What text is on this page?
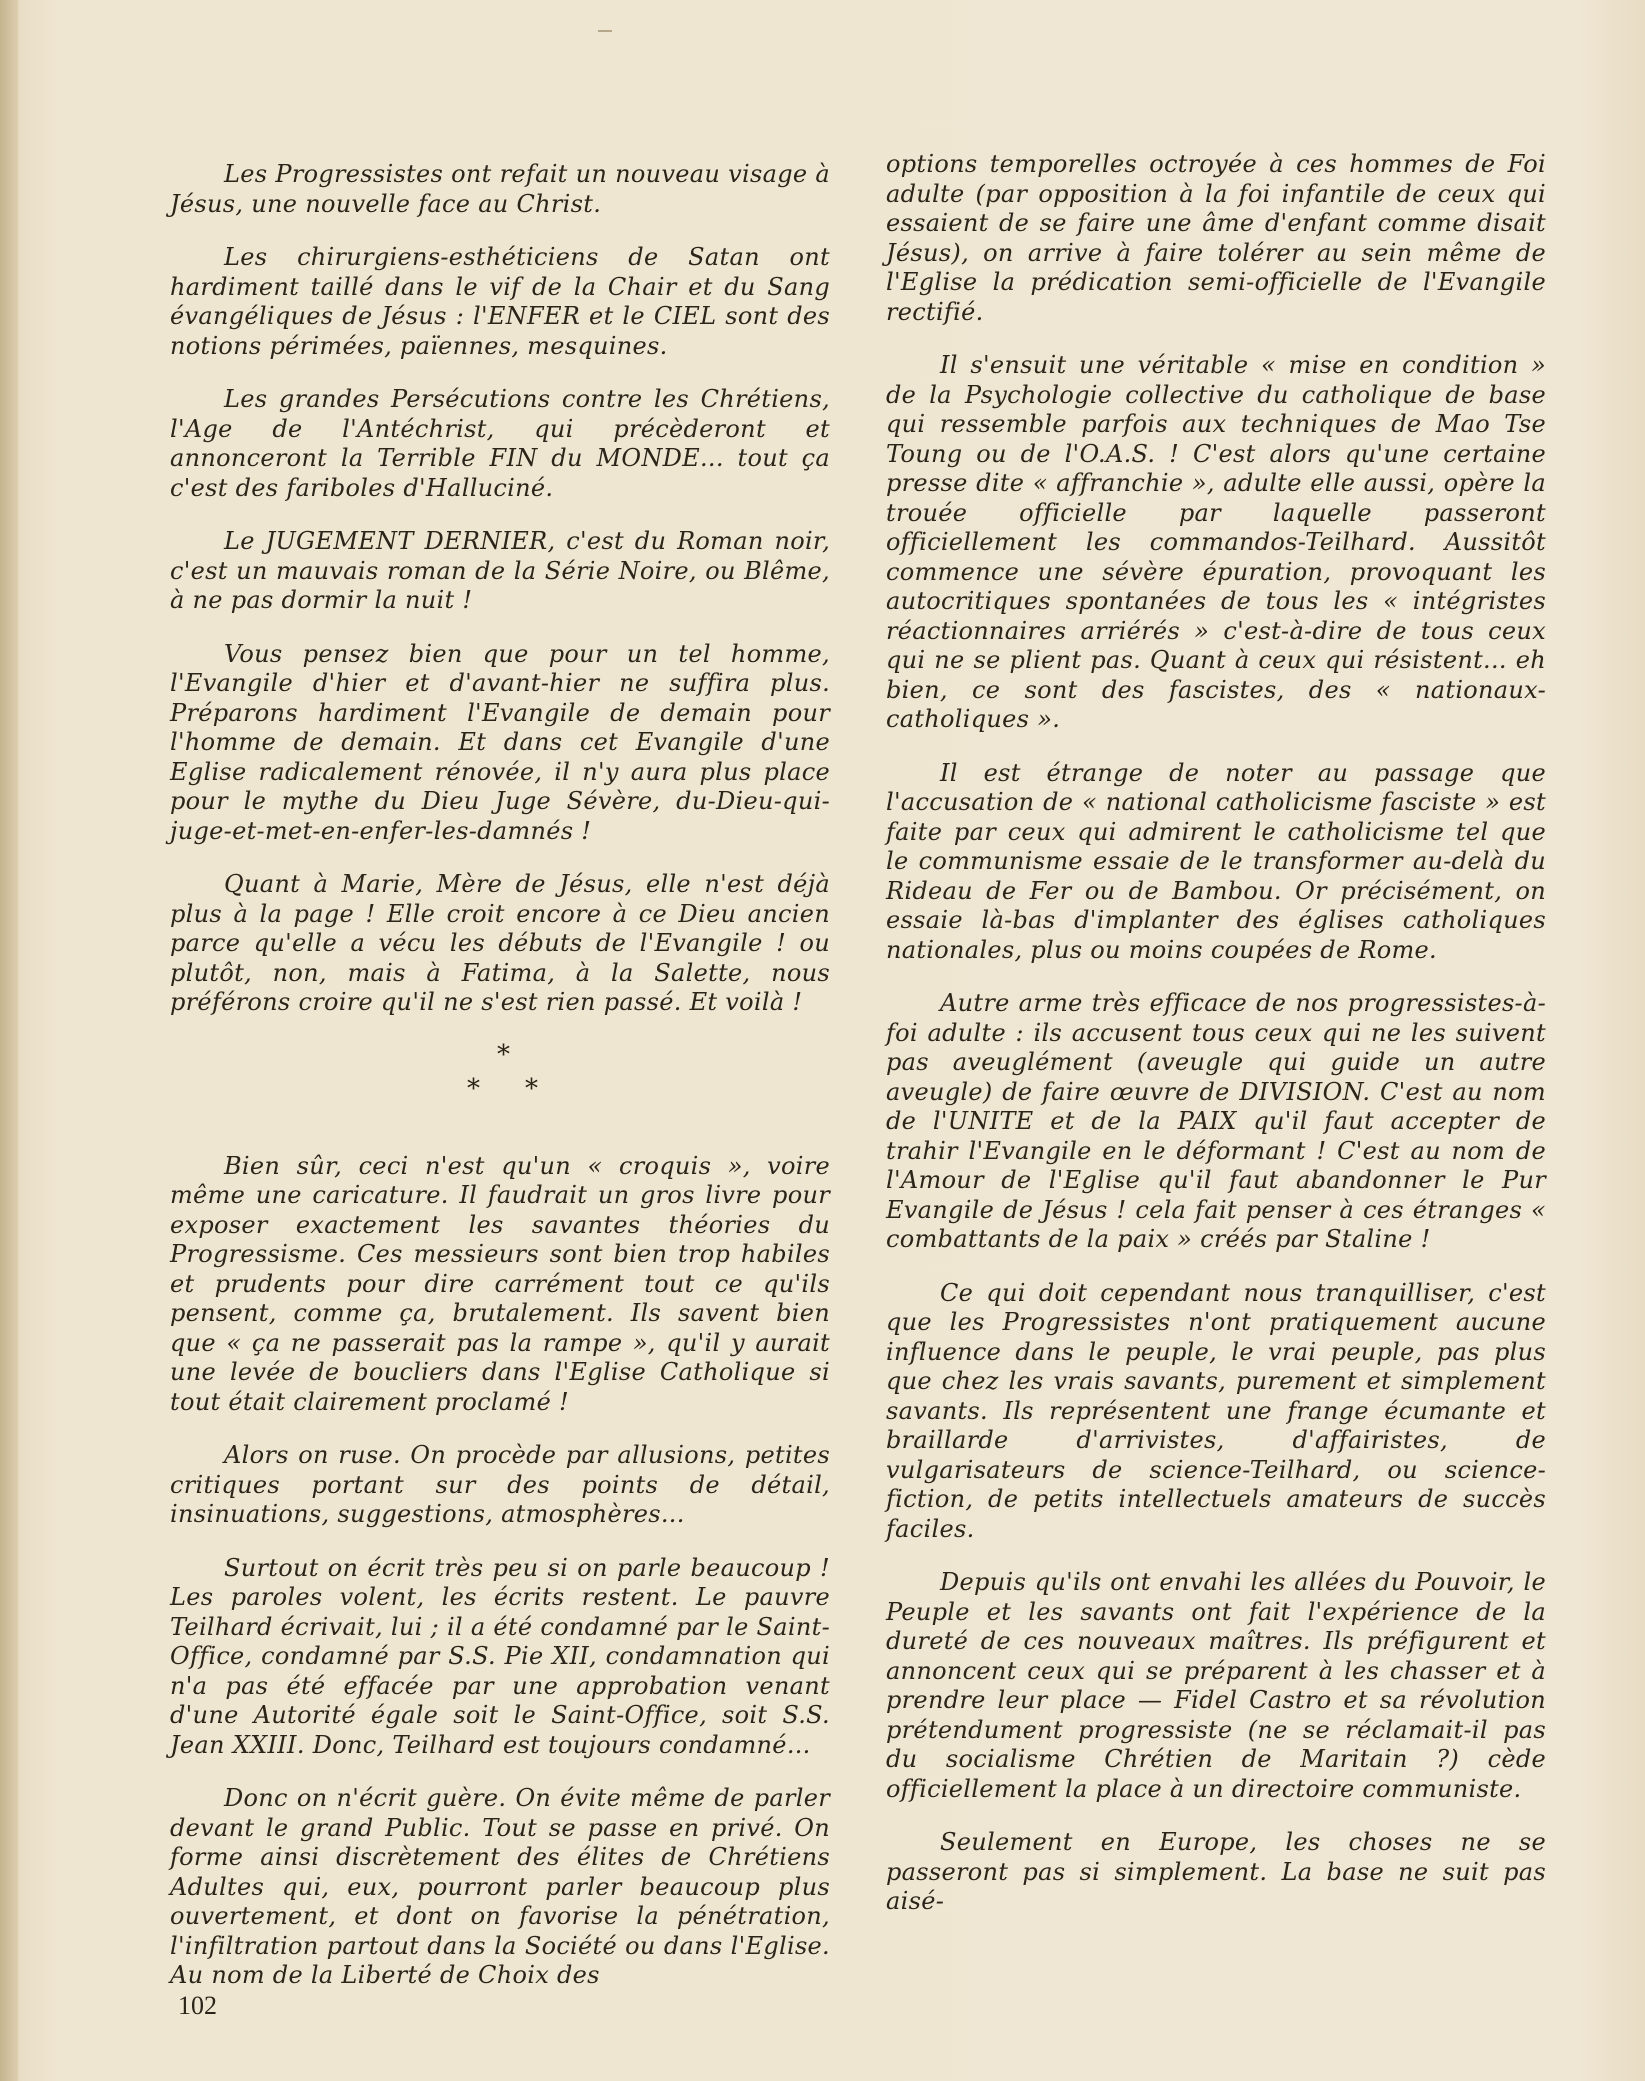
Les Progressistes ont refait un nouveau visage à Jésus, une nouvelle face au Christ.

Les chirurgiens-esthéticiens de Satan ont hardiment taillé dans le vif de la Chair et du Sang évangéliques de Jésus : l'ENFER et le CIEL sont des notions périmées, païennes, mesquines.

Les grandes Persécutions contre les Chrétiens, l'Age de l'Antéchrist, qui précèderont et annonceront la Terrible FIN du MONDE... tout ça c'est des fariboles d'Halluciné.

Le JUGEMENT DERNIER, c'est du Roman noir, c'est un mauvais roman de la Série Noire, ou Blême, à ne pas dormir la nuit !

Vous pensez bien que pour un tel homme, l'Evangile d'hier et d'avant-hier ne suffira plus. Préparons hardiment l'Evangile de demain pour l'homme de demain. Et dans cet Evangile d'une Eglise radicalement rénovée, il n'y aura plus place pour le mythe du Dieu Juge Sévère, du-Dieu-qui-juge-et-met-en-enfer-les-damnés !

Quant à Marie, Mère de Jésus, elle n'est déjà plus à la page ! Elle croit encore à ce Dieu ancien parce qu'elle a vécu les débuts de l'Evangile ! ou plutôt, non, mais à Fatima, à la Salette, nous préférons croire qu'il ne s'est rien passé. Et voilà !

*
* *

Bien sûr, ceci n'est qu'un « croquis », voire même une caricature. Il faudrait un gros livre pour exposer exactement les savantes théories du Progressisme. Ces messieurs sont bien trop habiles et prudents pour dire carrément tout ce qu'ils pensent, comme ça, brutalement. Ils savent bien que « ça ne passerait pas la rampe », qu'il y aurait une levée de boucliers dans l'Eglise Catholique si tout était clairement proclamé !

Alors on ruse. On procède par allusions, petites critiques portant sur des points de détail, insinuations, suggestions, atmosphères...

Surtout on écrit très peu si on parle beaucoup ! Les paroles volent, les écrits restent. Le pauvre Teilhard écrivait, lui ; il a été condamné par le Saint-Office, condamné par S.S. Pie XII, condamnation qui n'a pas été effacée par une approbation venant d'une Autorité égale soit le Saint-Office, soit S.S. Jean XXIII. Donc, Teilhard est toujours condamné...

Donc on n'écrit guère. On évite même de parler devant le grand Public. Tout se passe en privé. On forme ainsi discrètement des élites de Chrétiens Adultes qui, eux, pourront parler beaucoup plus ouvertement, et dont on favorise la pénétration, l'infiltration partout dans la Société ou dans l'Eglise. Au nom de la Liberté de Choix des

options temporelles octroyée à ces hommes de Foi adulte (par opposition à la foi infantile de ceux qui essaient de se faire une âme d'enfant comme disait Jésus), on arrive à faire tolérer au sein même de l'Eglise la prédication semi-officielle de l'Evangile rectifié.

Il s'ensuit une véritable « mise en condition » de la Psychologie collective du catholique de base qui ressemble parfois aux techniques de Mao Tse Toung ou de l'O.A.S. ! C'est alors qu'une certaine presse dite « affranchie », adulte elle aussi, opère la trouée officielle par laquelle passeront officiellement les commandos-Teilhard. Aussitôt commence une sévère épuration, provoquant les autocritiques spontanées de tous les « intégristes réactionnaires arriérés » c'est-à-dire de tous ceux qui ne se plient pas. Quant à ceux qui résistent... eh bien, ce sont des fascistes, des « nationaux-catholiques ».

Il est étrange de noter au passage que l'accusation de « national catholicisme fasciste » est faite par ceux qui admirent le catholicisme tel que le communisme essaie de le transformer au-delà du Rideau de Fer ou de Bambou. Or précisément, on essaie là-bas d'implanter des églises catholiques nationales, plus ou moins coupées de Rome.

Autre arme très efficace de nos progressistes-à-foi adulte : ils accusent tous ceux qui ne les suivent pas aveuglément (aveugle qui guide un autre aveugle) de faire œuvre de DIVISION. C'est au nom de l'UNITE et de la PAIX qu'il faut accepter de trahir l'Evangile en le déformant ! C'est au nom de l'Amour de l'Eglise qu'il faut abandonner le Pur Evangile de Jésus ! cela fait penser à ces étranges « combattants de la paix » créés par Staline !

Ce qui doit cependant nous tranquilliser, c'est que les Progressistes n'ont pratiquement aucune influence dans le peuple, le vrai peuple, pas plus que chez les vrais savants, purement et simplement savants. Ils représentent une frange écumante et braillarde d'arrivistes, d'affairistes, de vulgarisateurs de science-Teilhard, ou science-fiction, de petits intellectuels amateurs de succès faciles.

Depuis qu'ils ont envahi les allées du Pouvoir, le Peuple et les savants ont fait l'expérience de la dureté de ces nouveaux maîtres. Ils préfigurent et annoncent ceux qui se préparent à les chasser et à prendre leur place — Fidel Castro et sa révolution prétendument progressiste (ne se réclamait-il pas du socialisme Chrétien de Maritain ?) cède officiellement la place à un directoire communiste.

Seulement en Europe, les choses ne se passeront pas si simplement. La base ne suit pas aisé-

102
